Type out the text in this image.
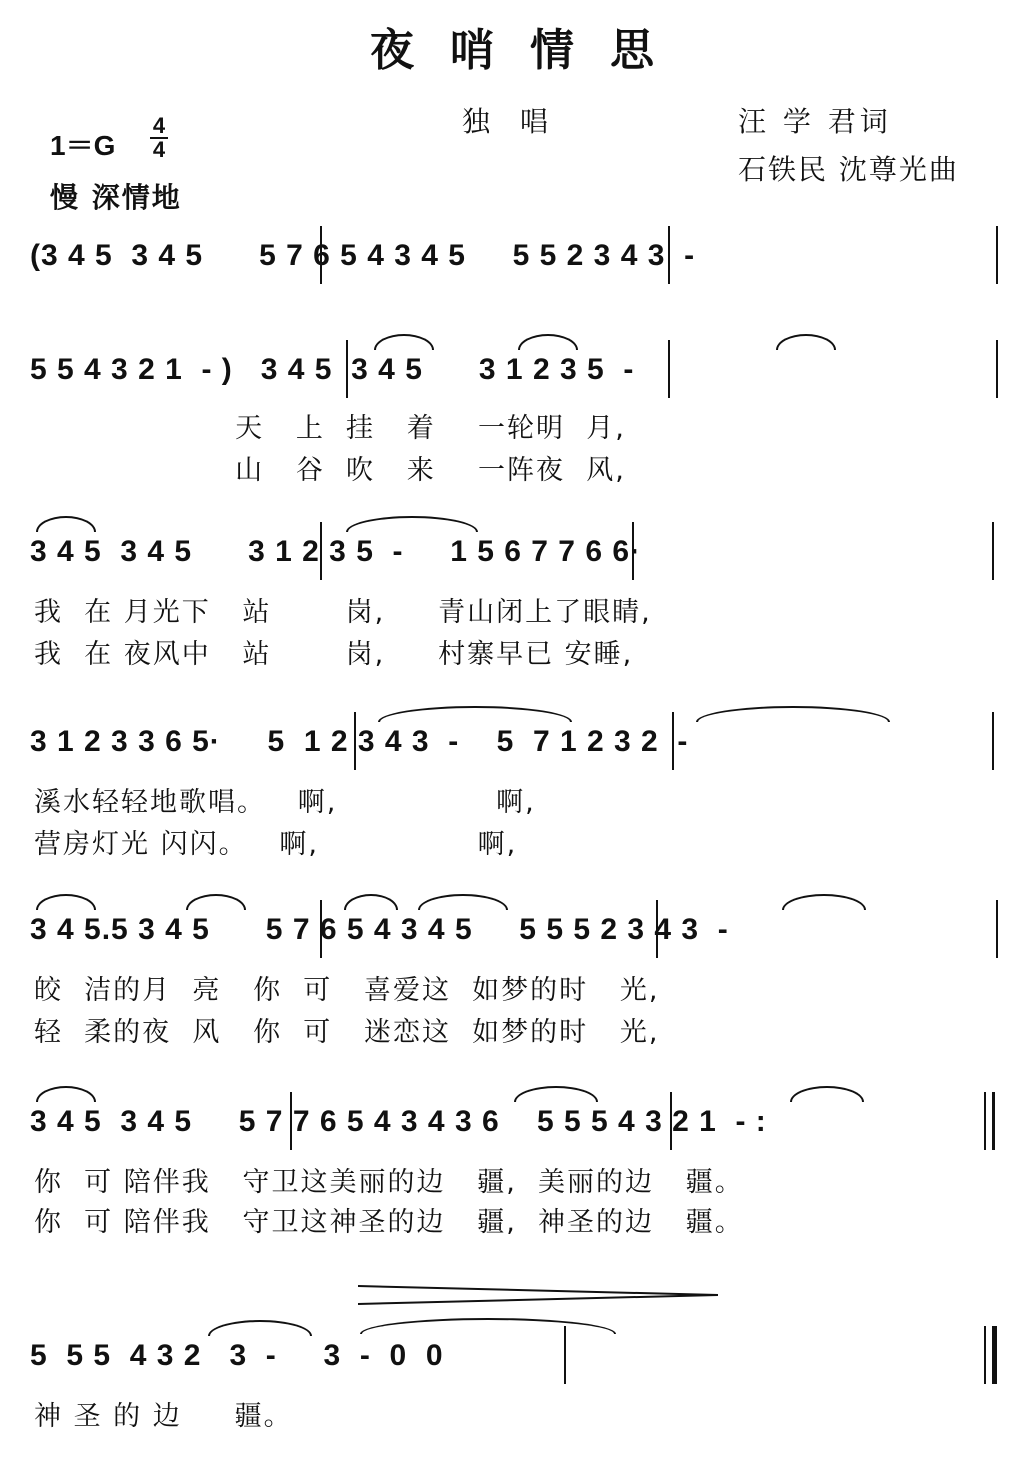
夜哨情思
1＝G
4
4
慢 深情地
独唱	汪 学 君词
石铁民 沈尊光曲
(3 4 5  3 4 5      5 7 6 5 4 3 4 5     5 5 2 3 4 3  -
5 5 4 3 2 1  - )   3 4 5  3 4 5      3 1 2 3 5  -
天   上  挂   着    一轮明  月,
山   谷  吹   来    一阵夜  风,
3 4 5  3 4 5      3 1 2 3 5  -     1 5 6 7 7 6 6·
我  在 月光下   站       岗,     青山闭上了眼睛,
我  在 夜风中   站       岗,     村寨早已 安睡,
3 1 2 3 3 6 5·     5  1 2 3 4 3  -    5  7 1 2 3 2  -
溪水轻轻地歌唱。   啊,               啊,
营房灯光 闪闪。   啊,               啊,
3 4 5.5 3 4 5      5 7 6 5 4 3 4 5     5 5 5 2 3 4 3  -
皎  洁的月  亮   你  可   喜爱这  如梦的时   光,
轻  柔的夜  风   你  可   迷恋这  如梦的时   光,
3 4 5  3 4 5     5 7 7 6 5 4 3 4 3 6    5 5 5 4 3 2 1  - :
你  可 陪伴我   守卫这美丽的边   疆,  美丽的边   疆。
你  可 陪伴我   守卫这神圣的边   疆,  神圣的边   疆。
5  5 5  4 3 2   3  -     3  -  0  0
神 圣 的 边     疆。
